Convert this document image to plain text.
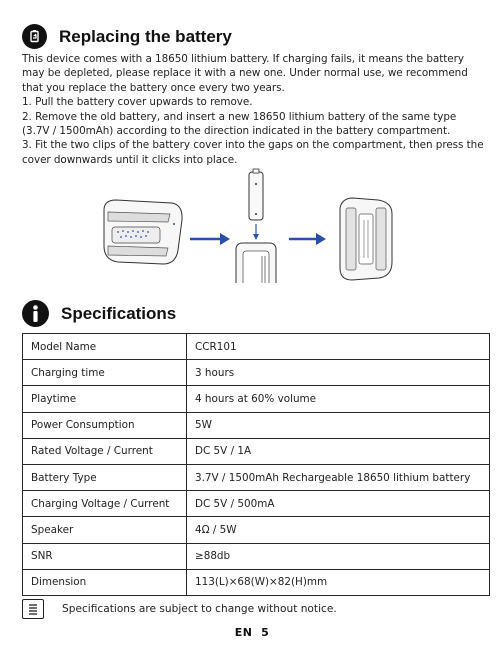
Replacing the battery

This device comes with a 18650 lithium battery. If charging fails, it means the battery may be depleted, please replace it with a new one. Under normal use, we recommend that you replace the battery once every two years.

1. Pull the battery cover upwards to remove.

2. Remove the old battery, and insert a new 18650 lithium battery of the same type (3.7V / 1500mAh) according to the direction indicated in the battery compartment.

3. Fit the two clips of the battery cover into the gaps on the compartment, then press the cover downwards until it clicks into place.

Specifications
Model Name	CCR101
Charging time	3 hours
Playtime	4 hours at 60% volume
Power Consumption	5W
Rated Voltage / Current	DC 5V / 1A
Battery Type	3.7V / 1500mAh Rechargeable 18650 lithium battery
Charging Voltage / Current	DC 5V / 500mA
Speaker	4Ω / 5W
SNR	≥88db
Dimension	113(L)×68(W)×82(H)mm
Specifications are subject to change without notice.
EN  5
